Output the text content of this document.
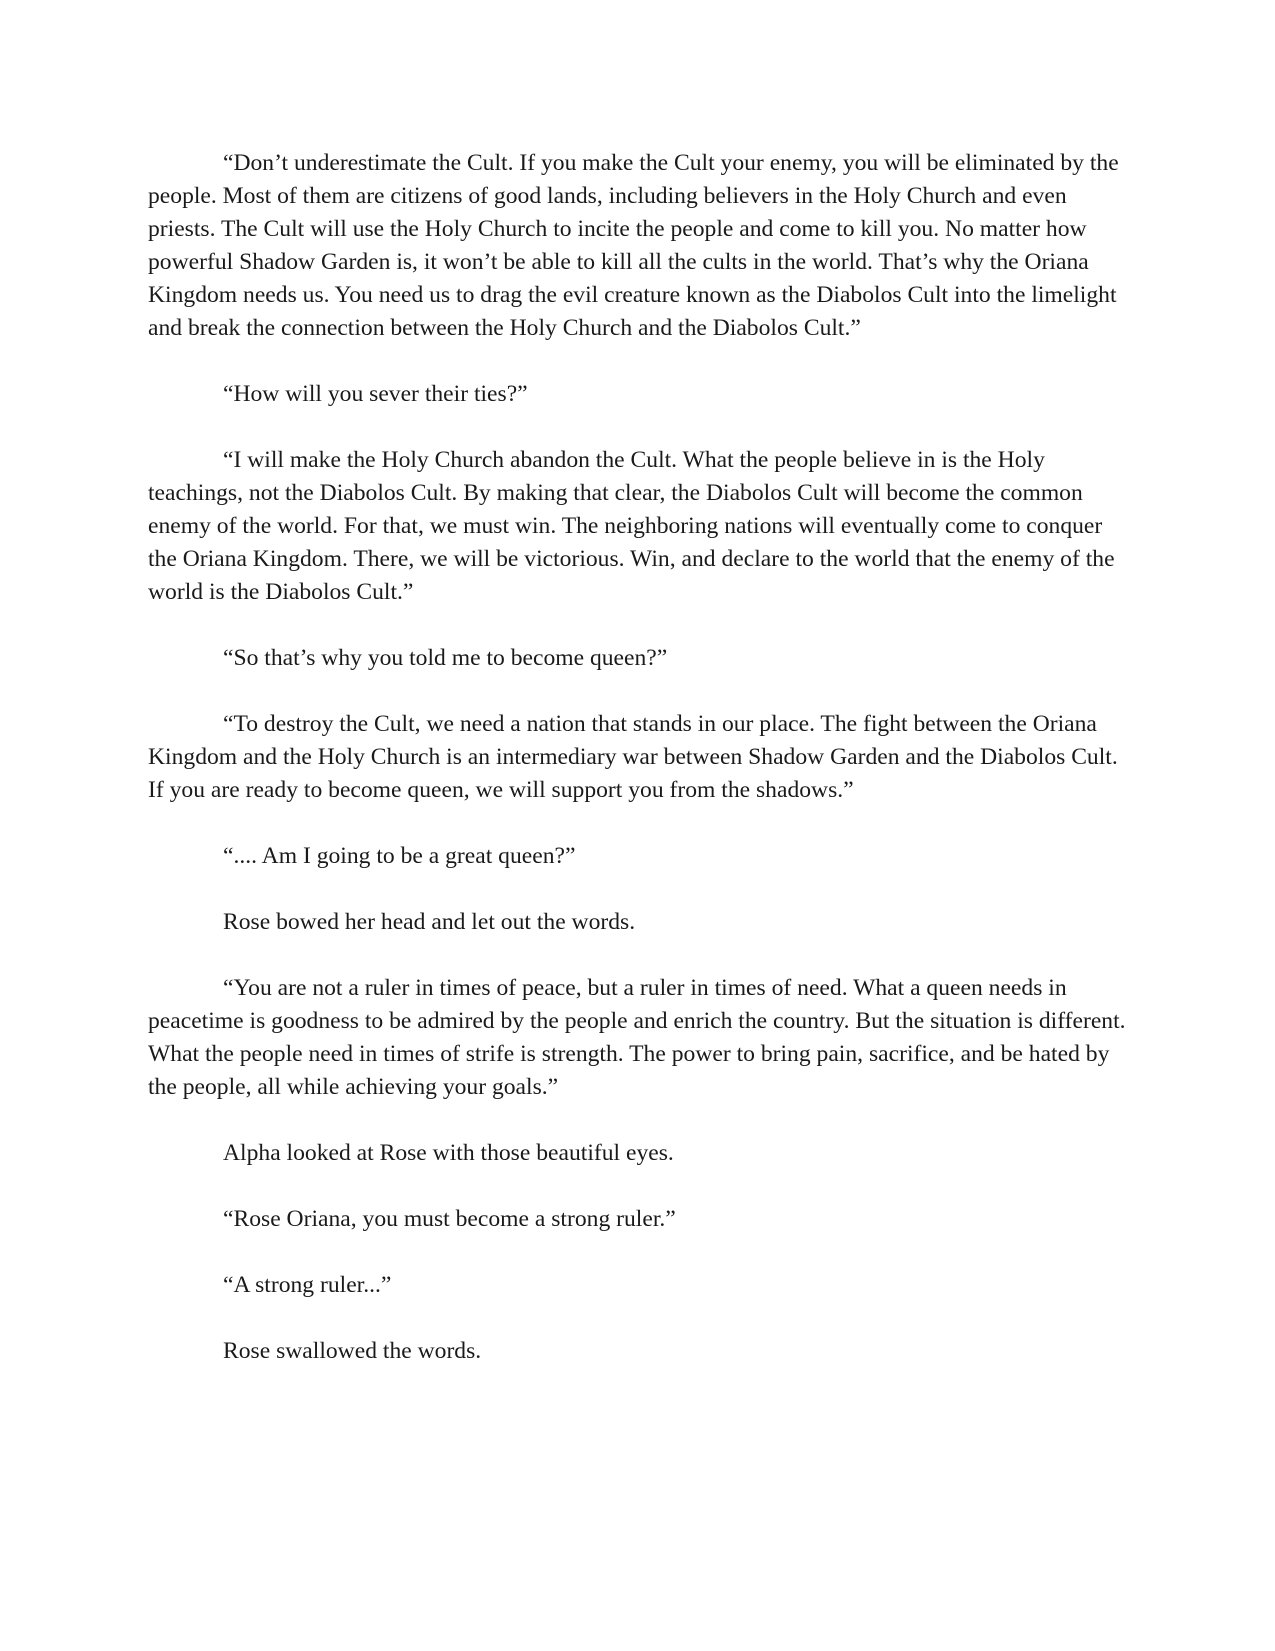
“Don’t underestimate the Cult. If you make the Cult your enemy, you will be eliminated by the people. Most of them are citizens of good lands, including believers in the Holy Church and even priests. The Cult will use the Holy Church to incite the people and come to kill you. No matter how powerful Shadow Garden is, it won’t be able to kill all the cults in the world. That’s why the Oriana Kingdom needs us. You need us to drag the evil creature known as the Diabolos Cult into the limelight and break the connection between the Holy Church and the Diabolos Cult.”

“How will you sever their ties?”

“I will make the Holy Church abandon the Cult. What the people believe in is the Holy teachings, not the Diabolos Cult. By making that clear, the Diabolos Cult will become the common enemy of the world. For that, we must win. The neighboring nations will eventually come to conquer the Oriana Kingdom. There, we will be victorious. Win, and declare to the world that the enemy of the world is the Diabolos Cult.”

“So that’s why you told me to become queen?”

“To destroy the Cult, we need a nation that stands in our place. The fight between the Oriana Kingdom and the Holy Church is an intermediary war between Shadow Garden and the Diabolos Cult. If you are ready to become queen, we will support you from the shadows.”

“.... Am I going to be a great queen?”

Rose bowed her head and let out the words.

“You are not a ruler in times of peace, but a ruler in times of need. What a queen needs in peacetime is goodness to be admired by the people and enrich the country. But the situation is different. What the people need in times of strife is strength. The power to bring pain, sacrifice, and be hated by the people, all while achieving your goals.”

Alpha looked at Rose with those beautiful eyes.

“Rose Oriana, you must become a strong ruler.”

“A strong ruler...”

Rose swallowed the words.
